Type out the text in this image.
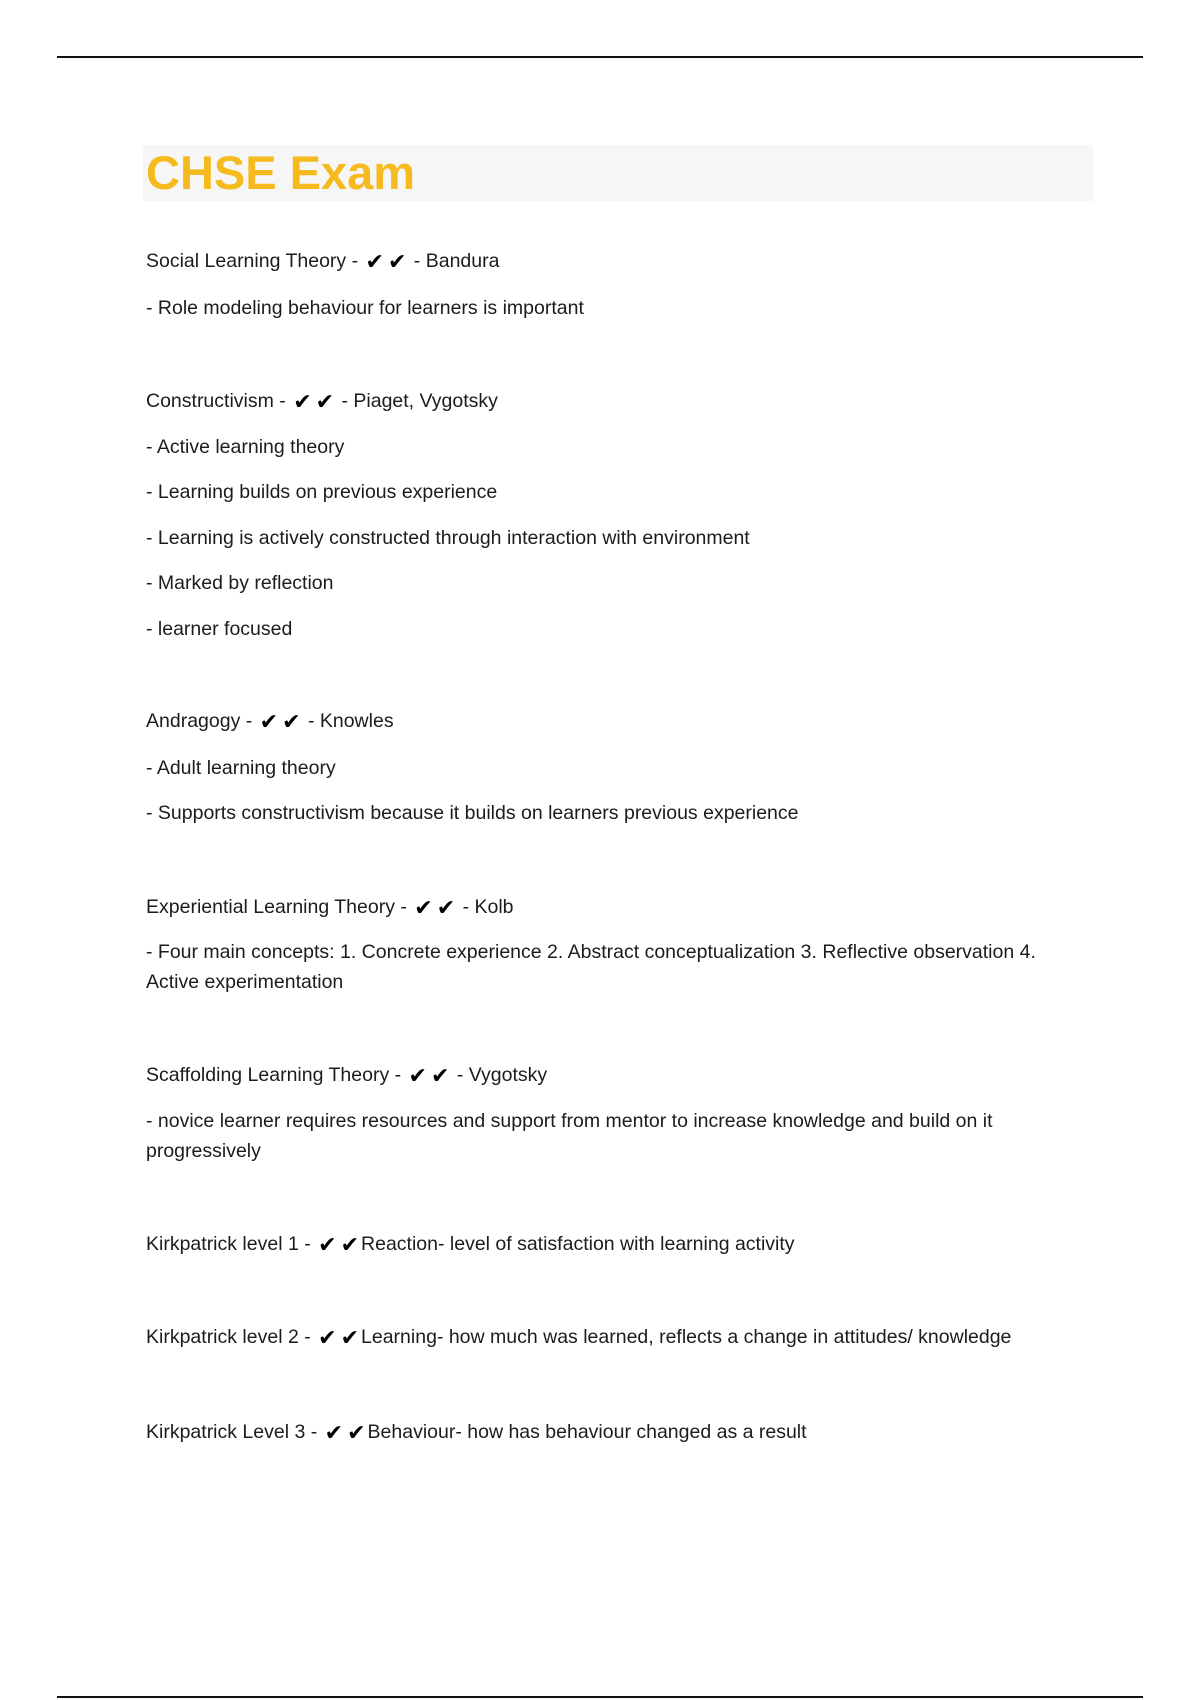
CHSE Exam

Social Learning Theory - ✔ ✔ - Bandura

- Role modeling behaviour for learners is important

Constructivism - ✔ ✔ - Piaget, Vygotsky

- Active learning theory

- Learning builds on previous experience

- Learning is actively constructed through interaction with environment

- Marked by reflection

- learner focused

Andragogy - ✔ ✔ - Knowles

- Adult learning theory

- Supports constructivism because it builds on learners previous experience

Experiential Learning Theory - ✔ ✔ - Kolb

- Four main concepts: 1. Concrete experience 2. Abstract conceptualization 3. Reflective observation 4. Active experimentation

Scaffolding Learning Theory - ✔ ✔ - Vygotsky

- novice learner requires resources and support from mentor to increase knowledge and build on it progressively

Kirkpatrick level 1 - ✔ ✔ Reaction- level of satisfaction with learning activity

Kirkpatrick level 2 - ✔ ✔ Learning- how much was learned, reflects a change in attitudes/ knowledge

Kirkpatrick Level 3 - ✔ ✔ Behaviour- how has behaviour changed as a result
